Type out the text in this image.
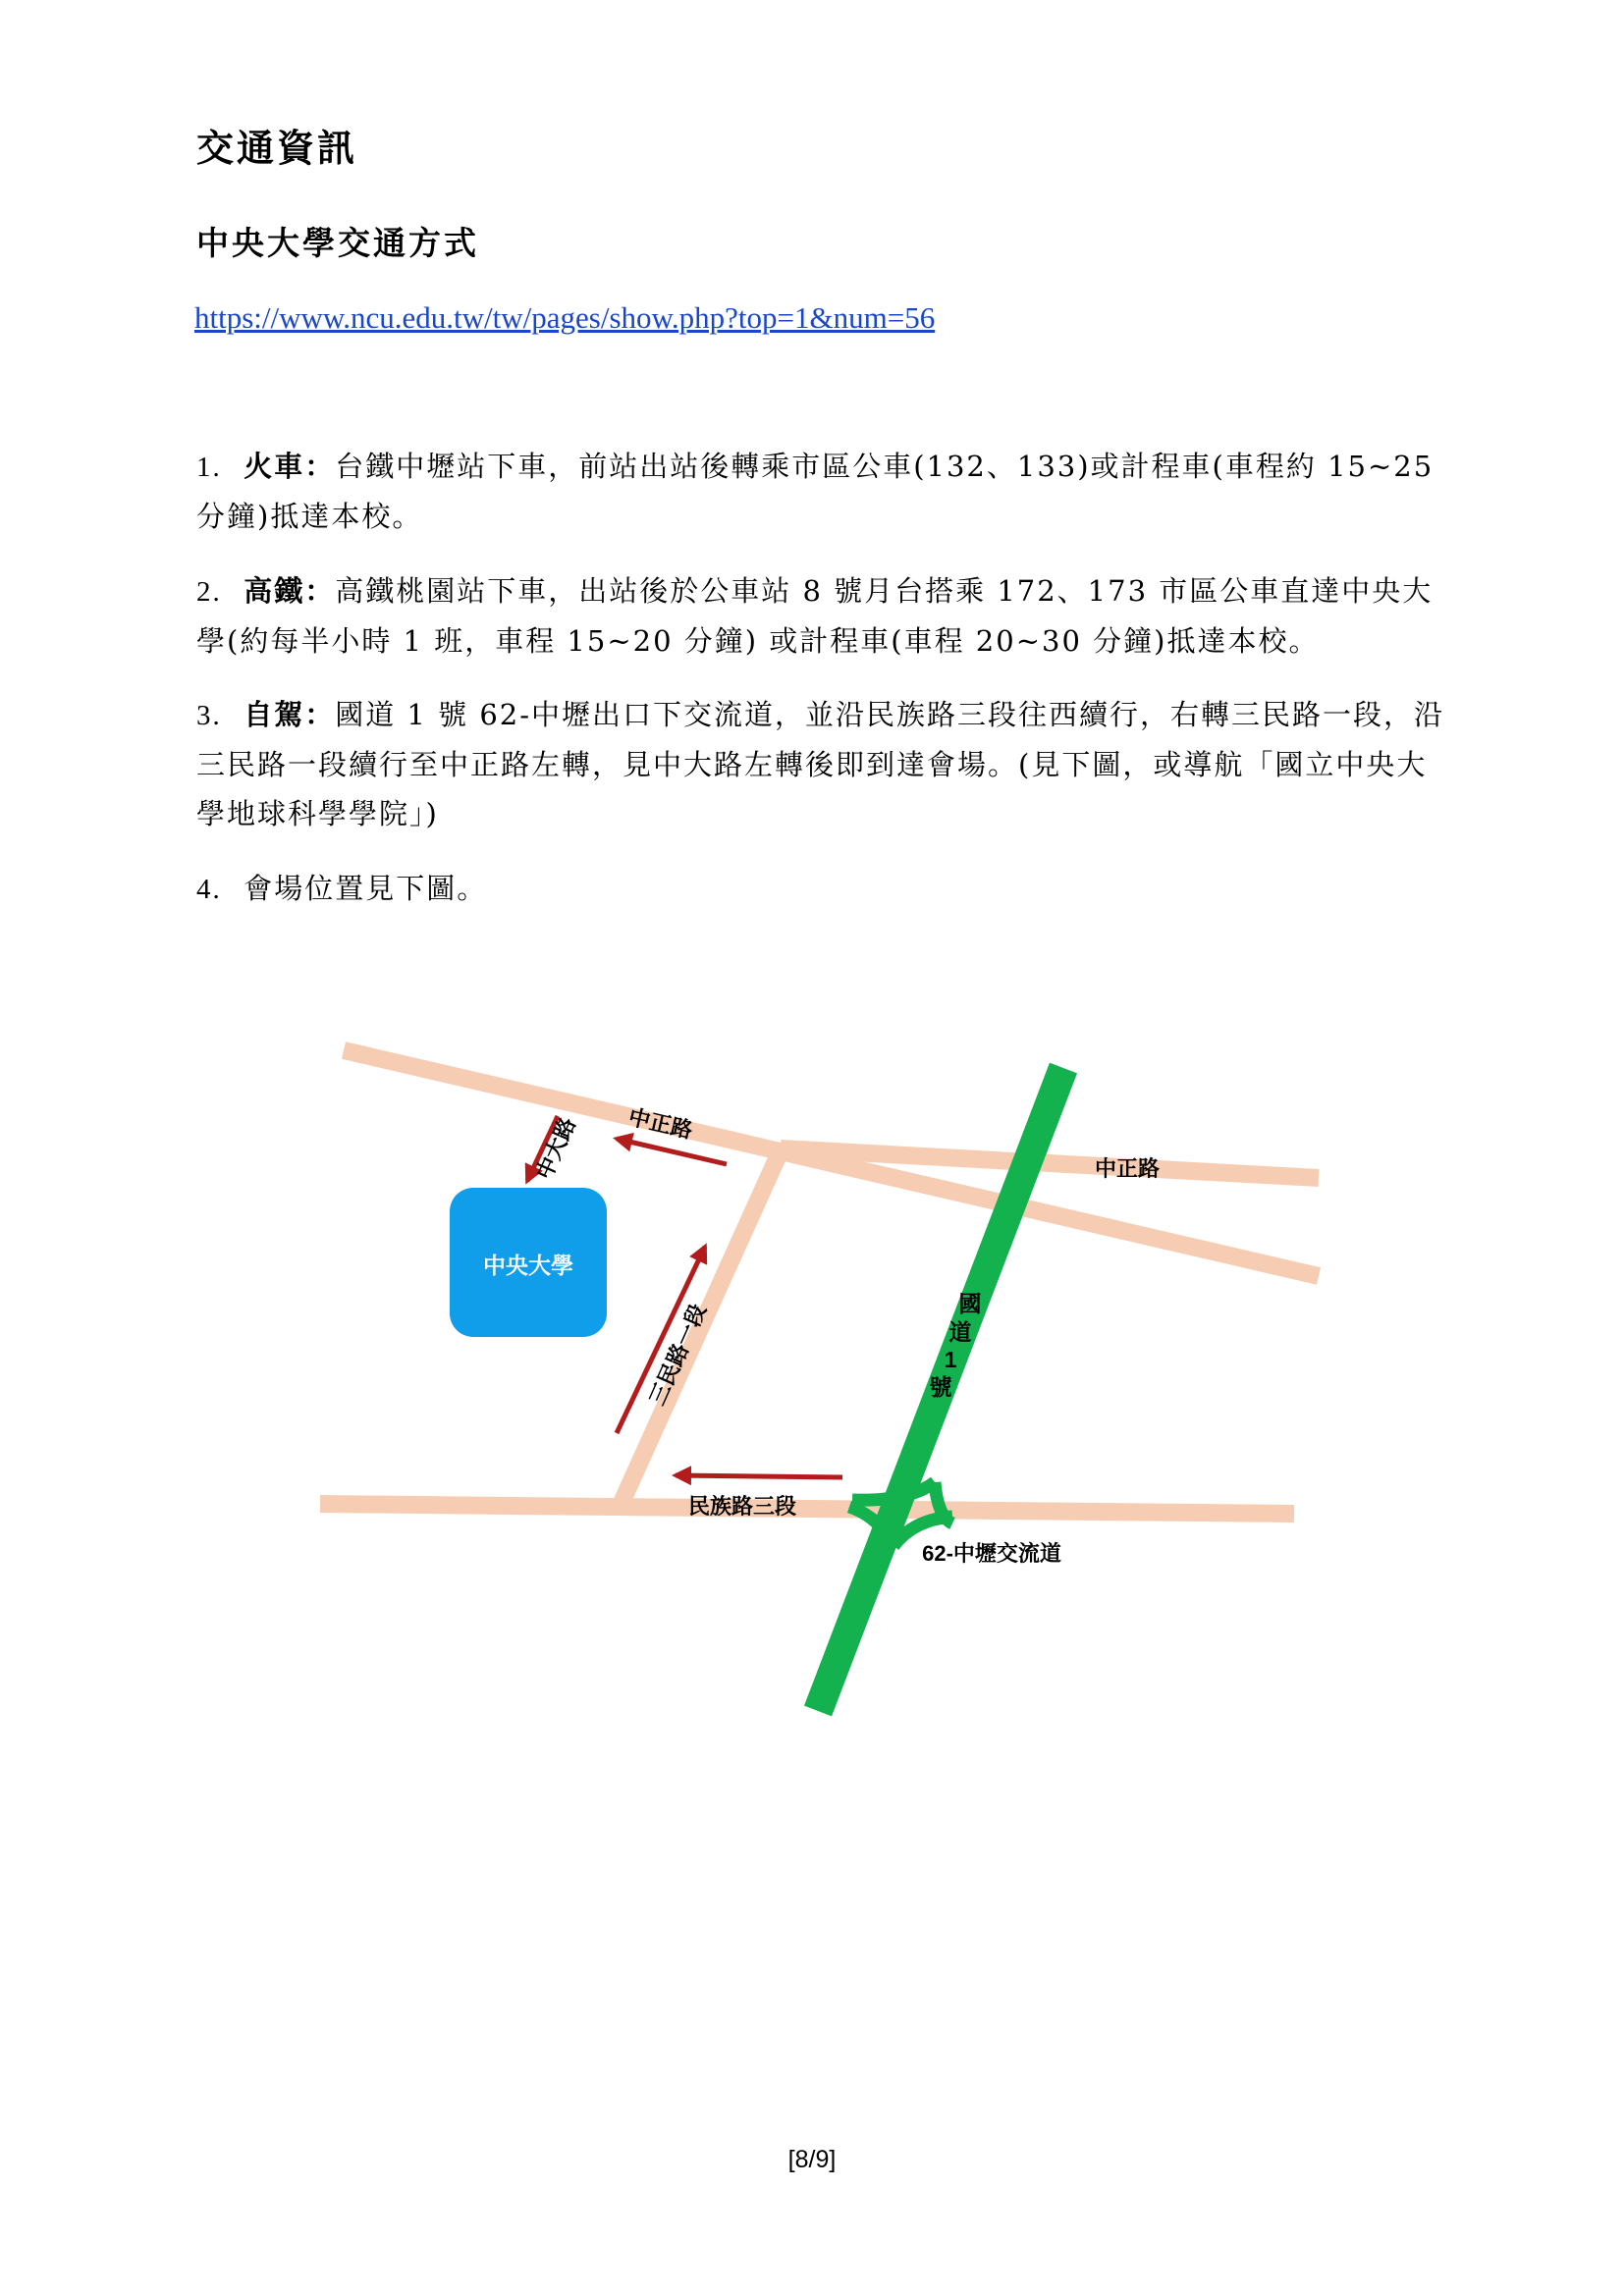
交通資訊
中央大學交通方式
https://www.ncu.edu.tw/tw/pages/show.php?top=1&num=56
1. 火車：台鐵中壢站下車，前站出站後轉乘市區公車(132、133)或計程車(車程約 15~25 分鐘)抵達本校。
2. 高鐵：高鐵桃園站下車，出站後於公車站 8 號月台搭乘 172、173 市區公車直達中央大學(約每半小時 1 班，車程 15~20 分鐘) 或計程車(車程 20~30 分鐘)抵達本校。
3. 自駕：國道 1 號 62-中壢出口下交流道，並沿民族路三段往西續行，右轉三民路一段，沿三民路一段續行至中正路左轉，見中大路左轉後即到達會場。(見下圖，或導航「國立中央大學地球科學學院」)
4. 會場位置見下圖。
中央大學
中正路
中正路
中大路
三民路一段	國
道
1
號
民族路三段
62-中壢交流道
[8/9]
